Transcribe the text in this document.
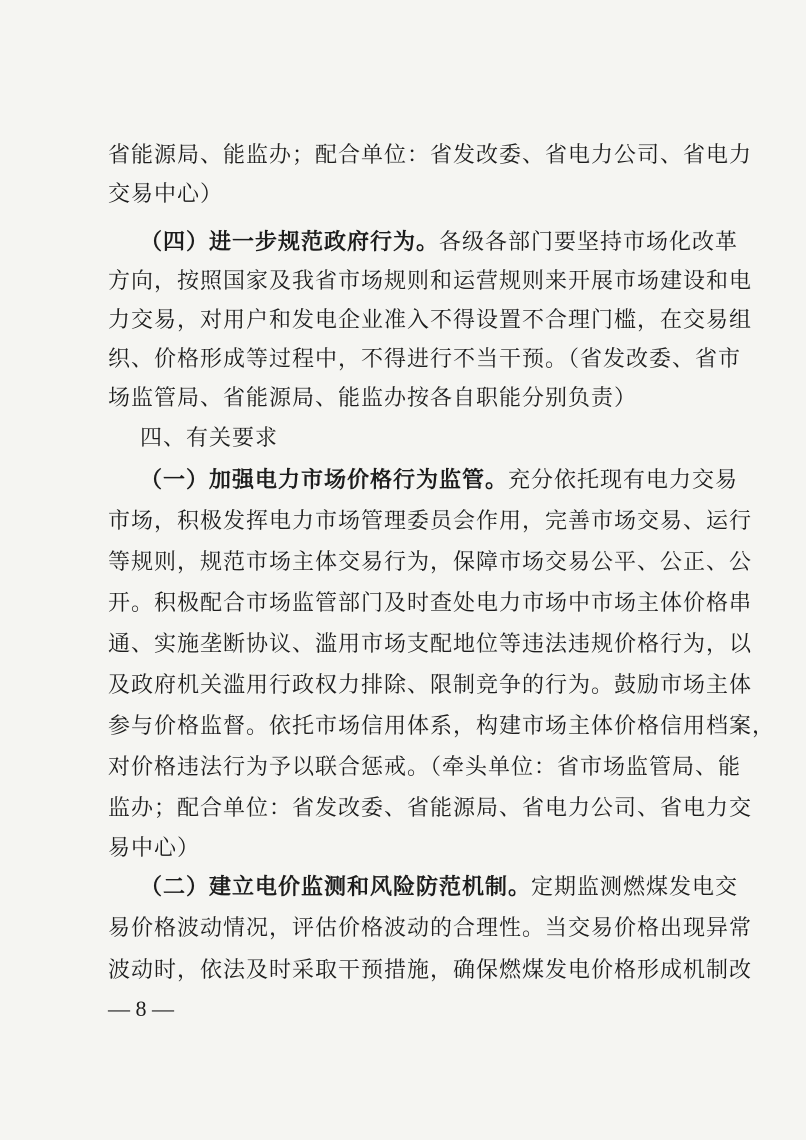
省能源局、能监办；配合单位：省发改委、省电力公司、省电力
交易中心）
（四）进一步规范政府行为。各级各部门要坚持市场化改革
方向，按照国家及我省市场规则和运营规则来开展市场建设和电
力交易，对用户和发电企业准入不得设置不合理门槛，在交易组
织、价格形成等过程中，不得进行不当干预。（省发改委、省市
场监管局、省能源局、能监办按各自职能分别负责）
四、有关要求
（一）加强电力市场价格行为监管。充分依托现有电力交易
市场，积极发挥电力市场管理委员会作用，完善市场交易、运行
等规则，规范市场主体交易行为，保障市场交易公平、公正、公
开。积极配合市场监管部门及时查处电力市场中市场主体价格串
通、实施垄断协议、滥用市场支配地位等违法违规价格行为，以
及政府机关滥用行政权力排除、限制竞争的行为。鼓励市场主体
参与价格监督。依托市场信用体系，构建市场主体价格信用档案，
对价格违法行为予以联合惩戒。（牵头单位：省市场监管局、能
监办；配合单位：省发改委、省能源局、省电力公司、省电力交
易中心）
（二）建立电价监测和风险防范机制。定期监测燃煤发电交
易价格波动情况，评估价格波动的合理性。当交易价格出现异常
波动时，依法及时采取干预措施，确保燃煤发电价格形成机制改
— 8 —
